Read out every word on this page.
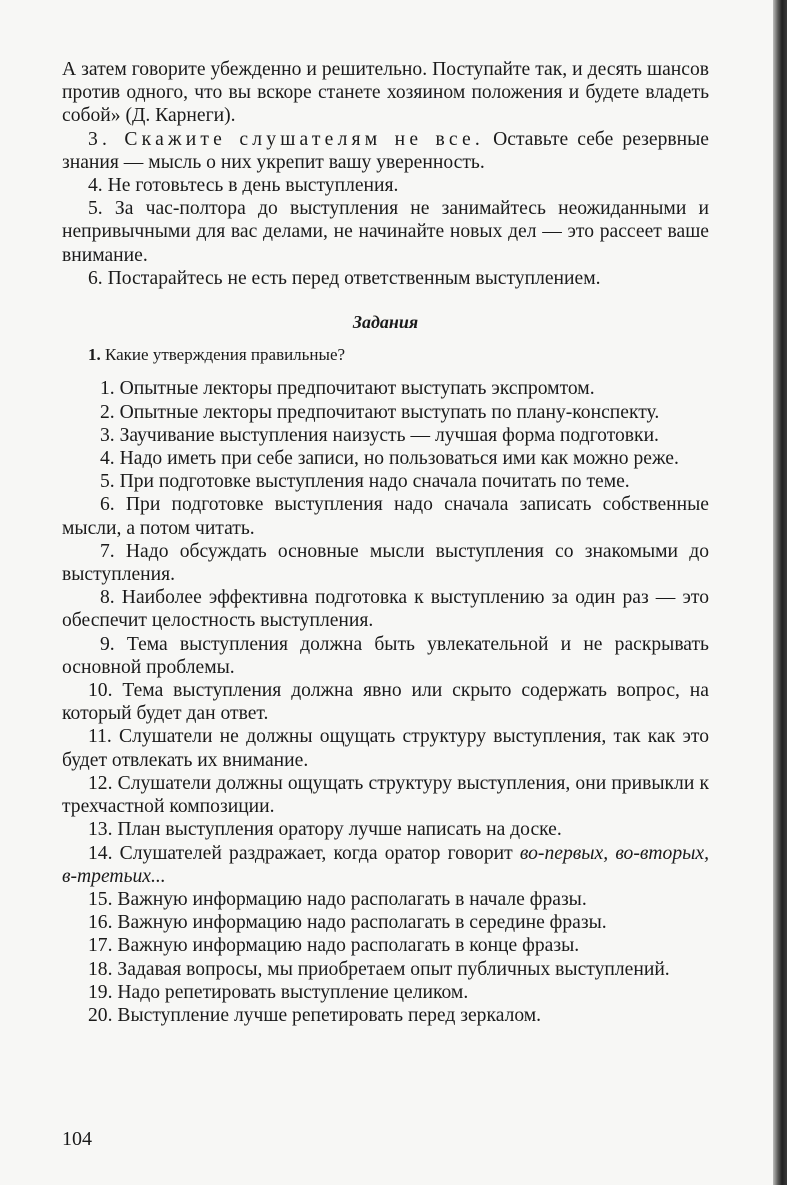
А затем говорите убежденно и решительно. Поступайте так, и десять шансов против одного, что вы вскоре станете хозяином положения и будете владеть собой» (Д. Карнеги).

3. Скажите слушателям не все. Оставьте себе резервные знания — мысль о них укрепит вашу уверенность.

4. Не готовьтесь в день выступления.

5. За час-полтора до выступления не занимайтесь неожиданными и непривычными для вас делами, не начинайте новых дел — это рассеет ваше внимание.

6. Постарайтесь не есть перед ответственным выступлением.

Задания

1. Какие утверждения правильные?

1. Опытные лекторы предпочитают выступать экспромтом.

2. Опытные лекторы предпочитают выступать по плану-конспекту.

3. Заучивание выступления наизусть — лучшая форма подготовки.

4. Надо иметь при себе записи, но пользоваться ими как можно реже.

5. При подготовке выступления надо сначала почитать по теме.

6. При подготовке выступления надо сначала записать собственные мысли, а потом читать.

7. Надо обсуждать основные мысли выступления со знакомыми до выступления.

8. Наиболее эффективна подготовка к выступлению за один раз — это обеспечит целостность выступления.

9. Тема выступления должна быть увлекательной и не раскрывать основной проблемы.

10. Тема выступления должна явно или скрыто содержать вопрос, на который будет дан ответ.

11. Слушатели не должны ощущать структуру выступления, так как это будет отвлекать их внимание.

12. Слушатели должны ощущать структуру выступления, они привыкли к трехчастной композиции.

13. План выступления оратору лучше написать на доске.

14. Слушателей раздражает, когда оратор говорит во-первых, во-вторых, в-третьих...

15. Важную информацию надо располагать в начале фразы.

16. Важную информацию надо располагать в середине фразы.

17. Важную информацию надо располагать в конце фразы.

18. Задавая вопросы, мы приобретаем опыт публичных выступлений.

19. Надо репетировать выступление целиком.

20. Выступление лучше репетировать перед зеркалом.

104
